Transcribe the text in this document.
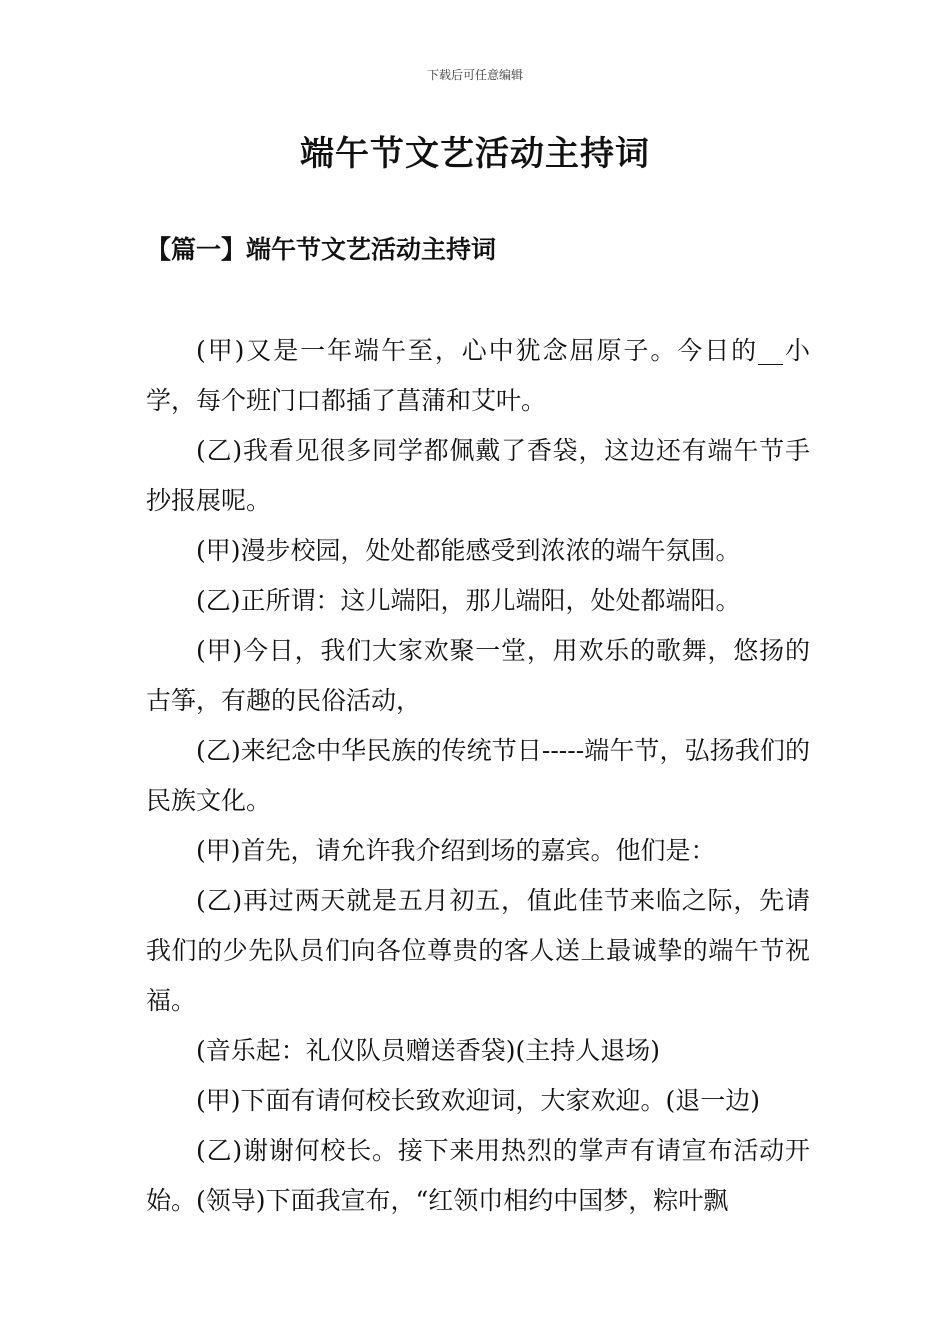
下载后可任意编辑
端午节文艺活动主持词
【篇一】端午节文艺活动主持词

(甲)又是一年端午至，心中犹念屈原子。今日的__小学，每个班门口都插了菖蒲和艾叶。

(乙)我看见很多同学都佩戴了香袋，这边还有端午节手抄报展呢。

(甲)漫步校园，处处都能感受到浓浓的端午氛围。

(乙)正所谓：这儿端阳，那儿端阳，处处都端阳。

(甲)今日，我们大家欢聚一堂，用欢乐的歌舞，悠扬的古筝，有趣的民俗活动，

(乙)来纪念中华民族的传统节日-----端午节，弘扬我们的民族文化。

(甲)首先，请允许我介绍到场的嘉宾。他们是：

(乙)再过两天就是五月初五，值此佳节来临之际，先请我们的少先队员们向各位尊贵的客人送上最诚挚的端午节祝福。

(音乐起：礼仪队员赠送香袋)(主持人退场)

(甲)下面有请何校长致欢迎词，大家欢迎。(退一边)

(乙)谢谢何校长。接下来用热烈的掌声有请宣布活动开始。(领导)下面我宣布，“红领巾相约中国梦，粽叶飘
